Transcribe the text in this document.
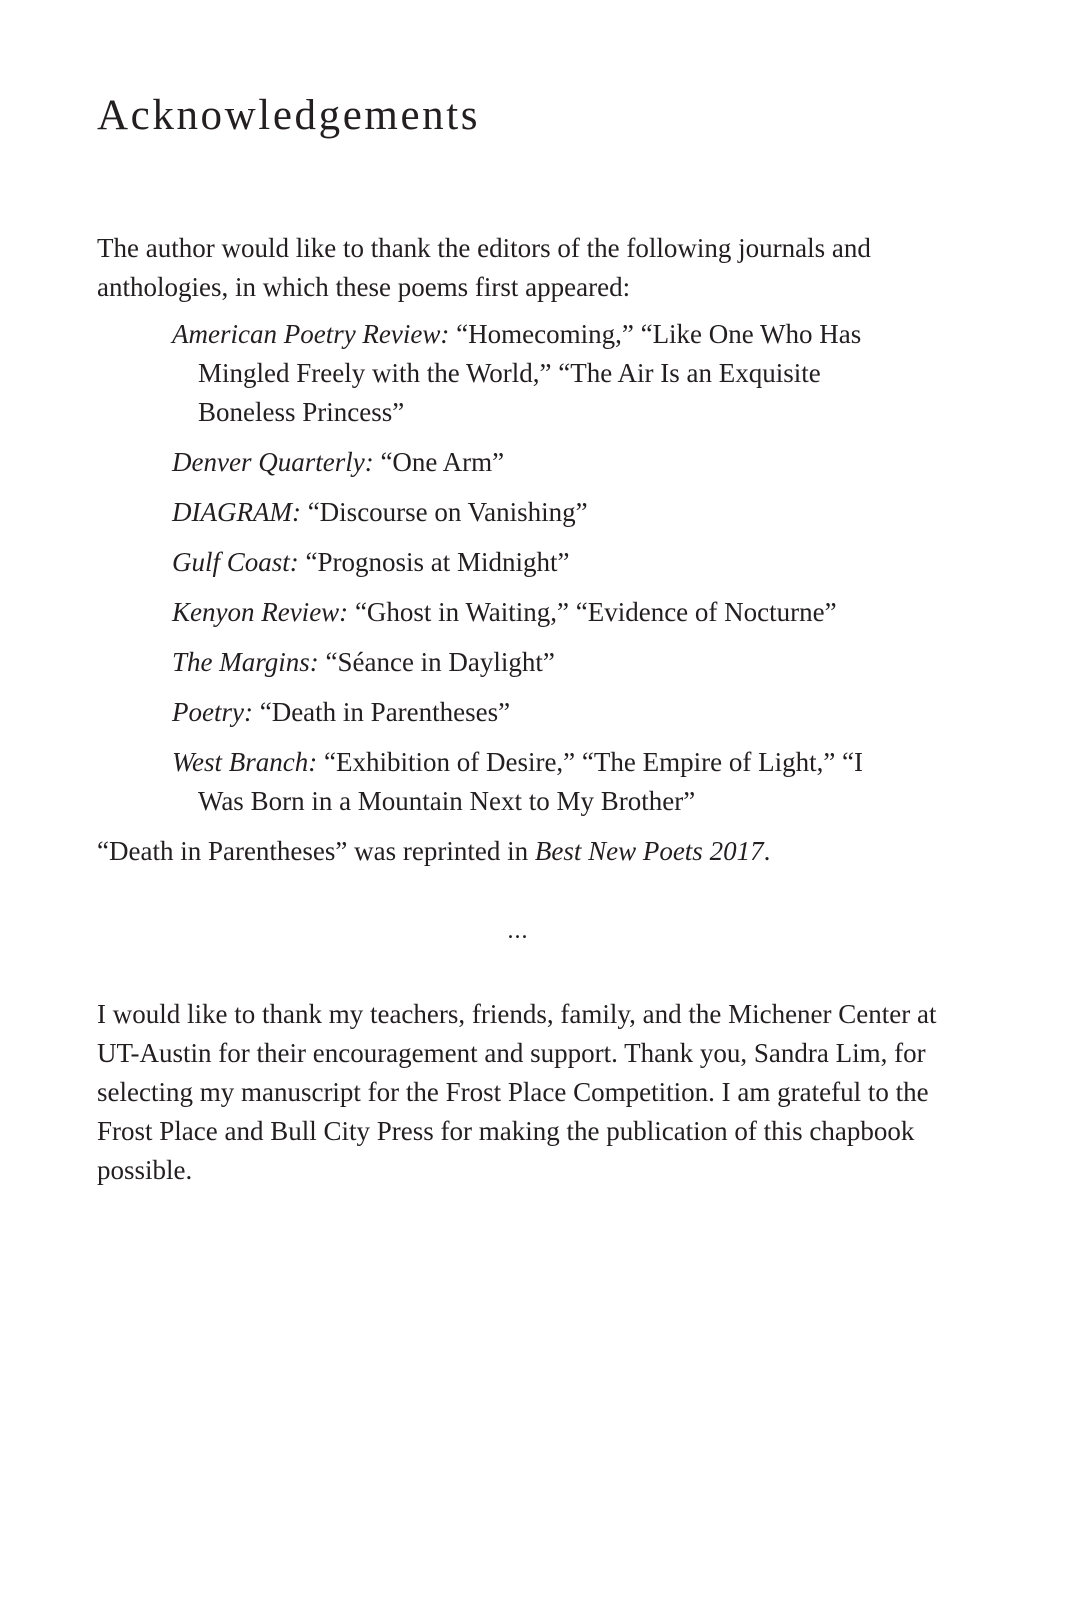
Acknowledgements

The author would like to thank the editors of the following journals and anthologies, in which these poems first appeared:

American Poetry Review: “Homecoming,” “Like One Who Has Mingled Freely with the World,” “The Air Is an Exquisite Boneless Princess”
Denver Quarterly: “One Arm”
DIAGRAM: “Discourse on Vanishing”
Gulf Coast: “Prognosis at Midnight”
Kenyon Review: “Ghost in Waiting,” “Evidence of Nocturne”
The Margins: “Séance in Daylight”
Poetry: “Death in Parentheses”
West Branch: “Exhibition of Desire,” “The Empire of Light,” “I Was Born in a Mountain Next to My Brother”

“Death in Parentheses” was reprinted in Best New Poets 2017.

...

I would like to thank my teachers, friends, family, and the Michener Center at UT-Austin for their encouragement and support. Thank you, Sandra Lim, for selecting my manuscript for the Frost Place Competition. I am grateful to the Frost Place and Bull City Press for making the publication of this chapbook possible.
